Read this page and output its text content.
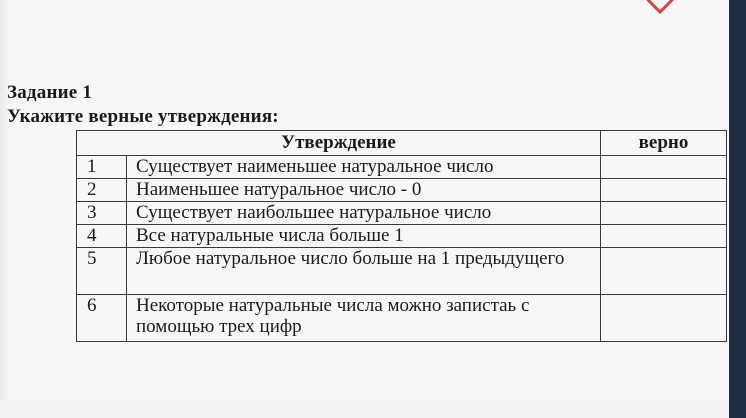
Задание 1
Укажите верные утверждения:
Утверждение		верно
1	Существует наименьшее натуральное число	
2	Наименьшее натуральное число - 0	
3	Существует наибольшее натуральное число	
4	Все натуральные числа больше 1	
5	Любое натуральное число больше на 1 предыдущего	
6	Некоторые натуральные числа можно запистаь с помощью трех цифр	
